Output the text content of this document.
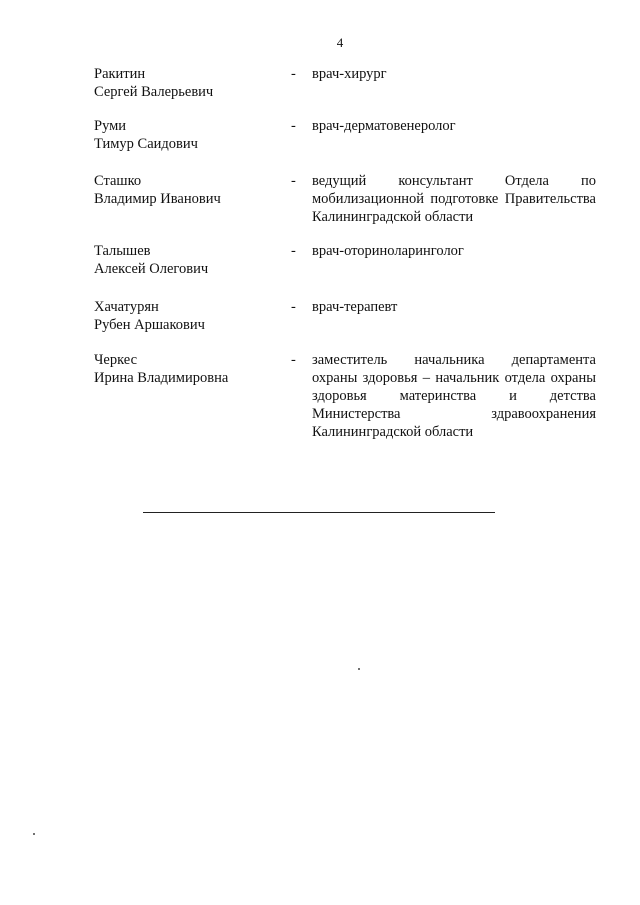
4
Ракитин
Сергей Валерьевич
- врач-хирург
Руми
Тимур Саидович
- врач-дерматовенеролог
Сташко
Владимир Иванович
- ведущий консультант Отдела по мобилизационной подготовке Правительства Калининградской области
Талышев
Алексей Олегович
- врач-оториноларинголог
Хачатурян
Рубен Аршакович
- врач-терапевт
Черкес
Ирина Владимировна
- заместитель начальника департамента охраны здоровья – начальник отдела охраны здоровья материнства и детства Министерства здравоохранения Калининградской области
